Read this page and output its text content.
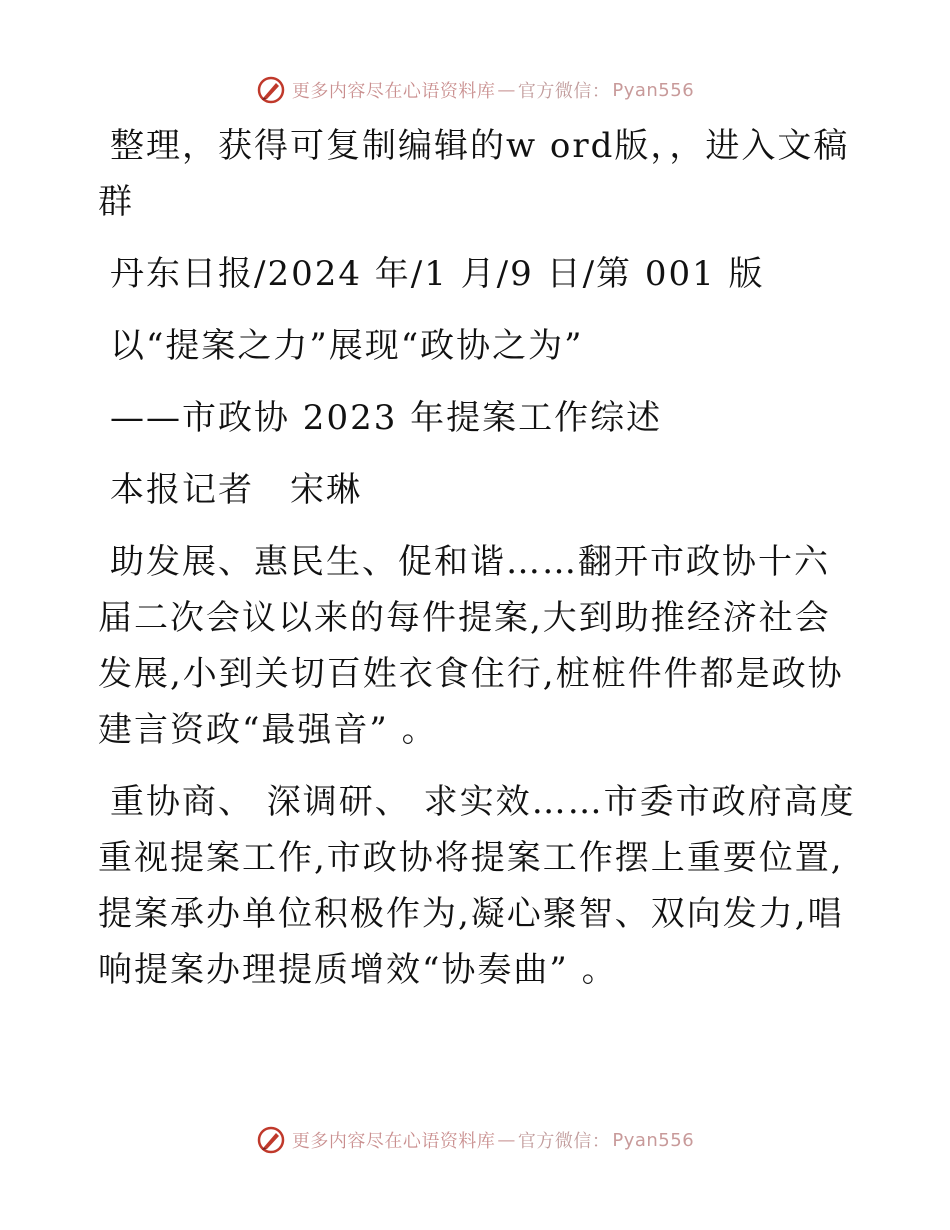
更多内容尽在心语资料库 — 官方微信： Pyan556

整理，获得可复制编辑的w ord版，，进入文稿群

丹东日报/2024 年/1 月/9 日/第 001 版

以“提案之力”展现“政协之为”

——市政协 2023 年提案工作综述

本报记者　宋琳

助发展、惠民生、促和谐……翻开市政协十六届二次会议以来的每件提案,大到助推经济社会发展,小到关切百姓衣食住行,桩桩件件都是政协建言资政“最强音” 。

重协商、 深调研、 求实效……市委市政府高度重视提案工作,市政协将提案工作摆上重要位置,提案承办单位积极作为,凝心聚智、双向发力,唱响提案办理提质增效“协奏曲” 。

更多内容尽在心语资料库 — 官方微信： Pyan556
